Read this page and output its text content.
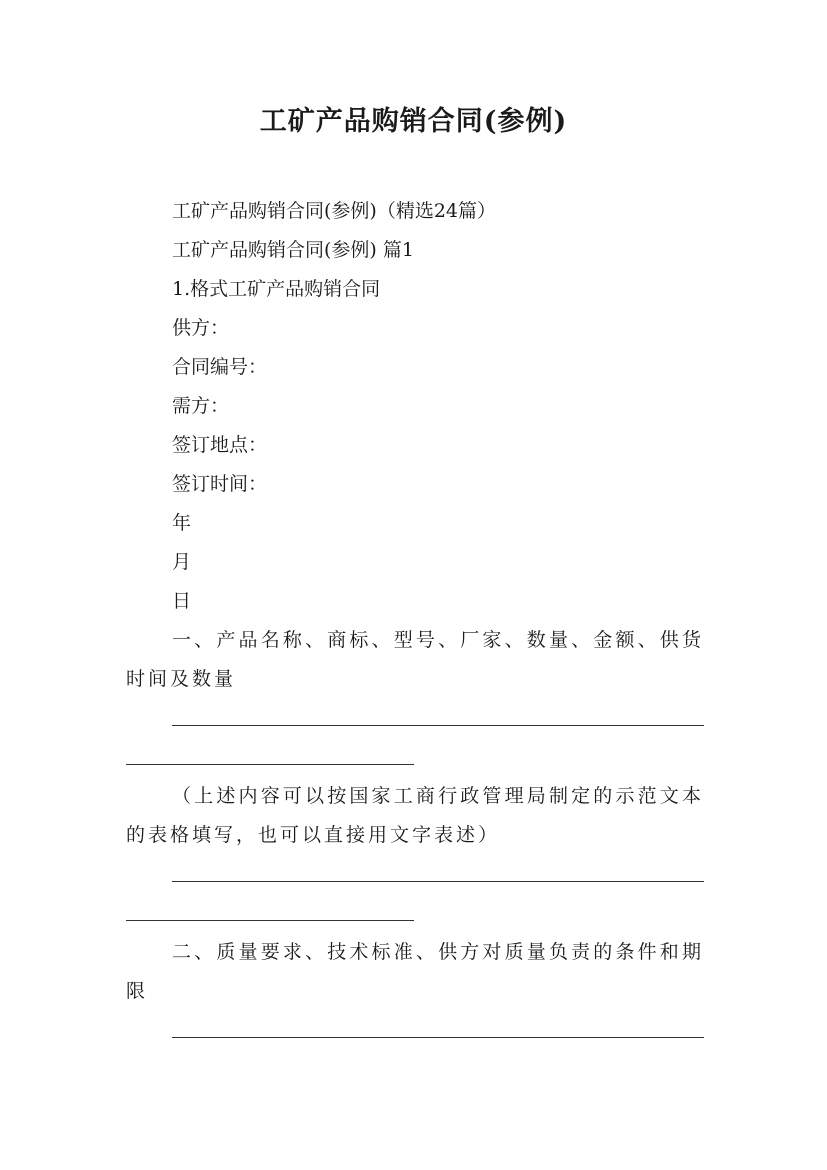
工矿产品购销合同(参例)

工矿产品购销合同(参例)（精选24篇）

工矿产品购销合同(参例) 篇1

1.格式工矿产品购销合同

供方：

合同编号：

需方：

签订地点：

签订时间：

年

月

日

一、产品名称、商标、型号、厂家、数量、金额、供货时间及数量

（上述内容可以按国家工商行政管理局制定的示范文本的表格填写，也可以直接用文字表述）

二、质量要求、技术标准、供方对质量负责的条件和期限
